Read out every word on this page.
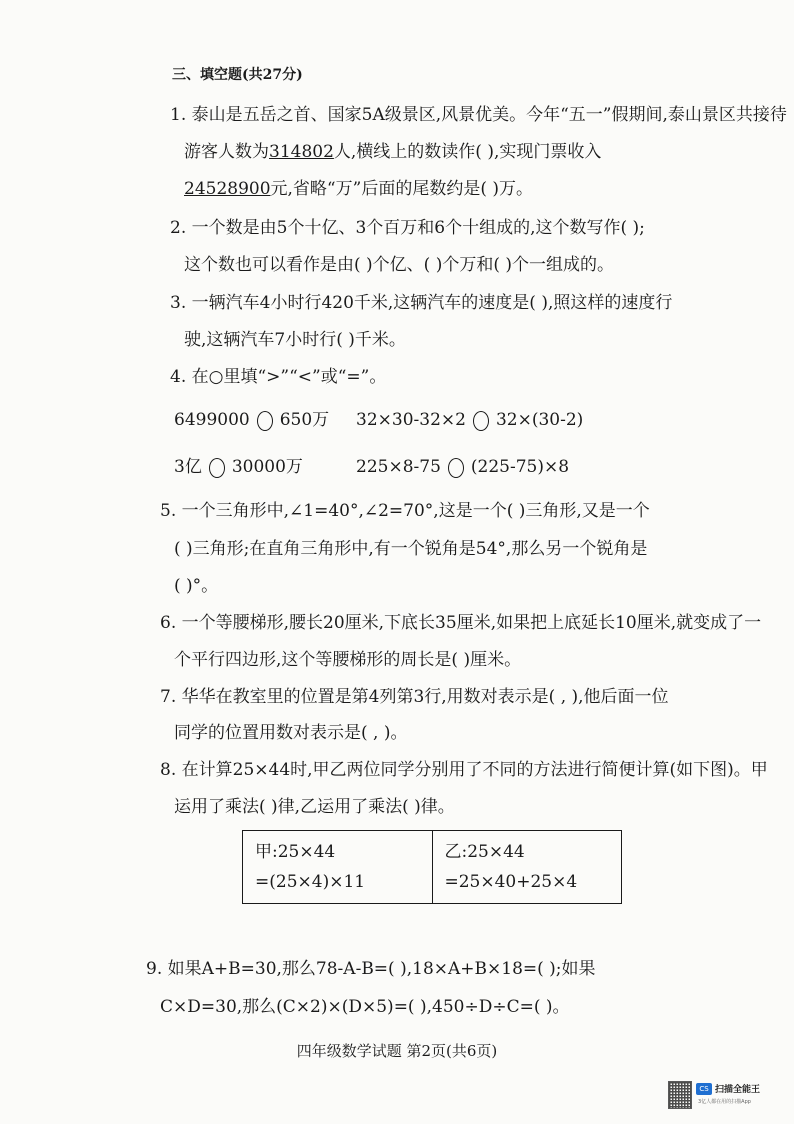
三、填空题(共27分)
1. 泰山是五岳之首、国家5A级景区,风景优美。今年“五一”假期间,泰山景区共接待
游客人数为314802人,横线上的数读作( ),实现门票收入
24528900元,省略“万”后面的尾数约是( )万。
2. 一个数是由5个十亿、3个百万和6个十组成的,这个数写作( );
这个数也可以看作是由( )个亿、( )个万和( )个一组成的。
3. 一辆汽车4小时行420千米,这辆汽车的速度是( ),照这样的速度行
驶,这辆汽车7小时行( )千米。
4. 在○里填“>”“<”或“=”。
6499000 650万 32×30-32×2 32×(30-2)
3亿 30000万	225×8-75 (225-75)×8
5. 一个三角形中,∠1=40°,∠2=70°,这是一个( )三角形,又是一个
( )三角形;在直角三角形中,有一个锐角是54°,那么另一个锐角是
( )°。
6. 一个等腰梯形,腰长20厘米,下底长35厘米,如果把上底延长10厘米,就变成了一
个平行四边形,这个等腰梯形的周长是( )厘米。
7. 华华在教室里的位置是第4列第3行,用数对表示是( , ),他后面一位
同学的位置用数对表示是( , )。
8. 在计算25×44时,甲乙两位同学分别用了不同的方法进行简便计算(如下图)。甲
运用了乘法( )律,乙运用了乘法( )律。
甲:25×44
=(25×4)×11

乙:25×44
=25×40+25×4
9. 如果A+B=30,那么78-A-B=( ),18×A+B×18=( );如果
C×D=30,那么(C×2)×(D×5)=( ),450÷D÷C=( )。
四年级数学试题 第2页(共6页)
CS 扫描全能王
3亿人都在用的扫描App
